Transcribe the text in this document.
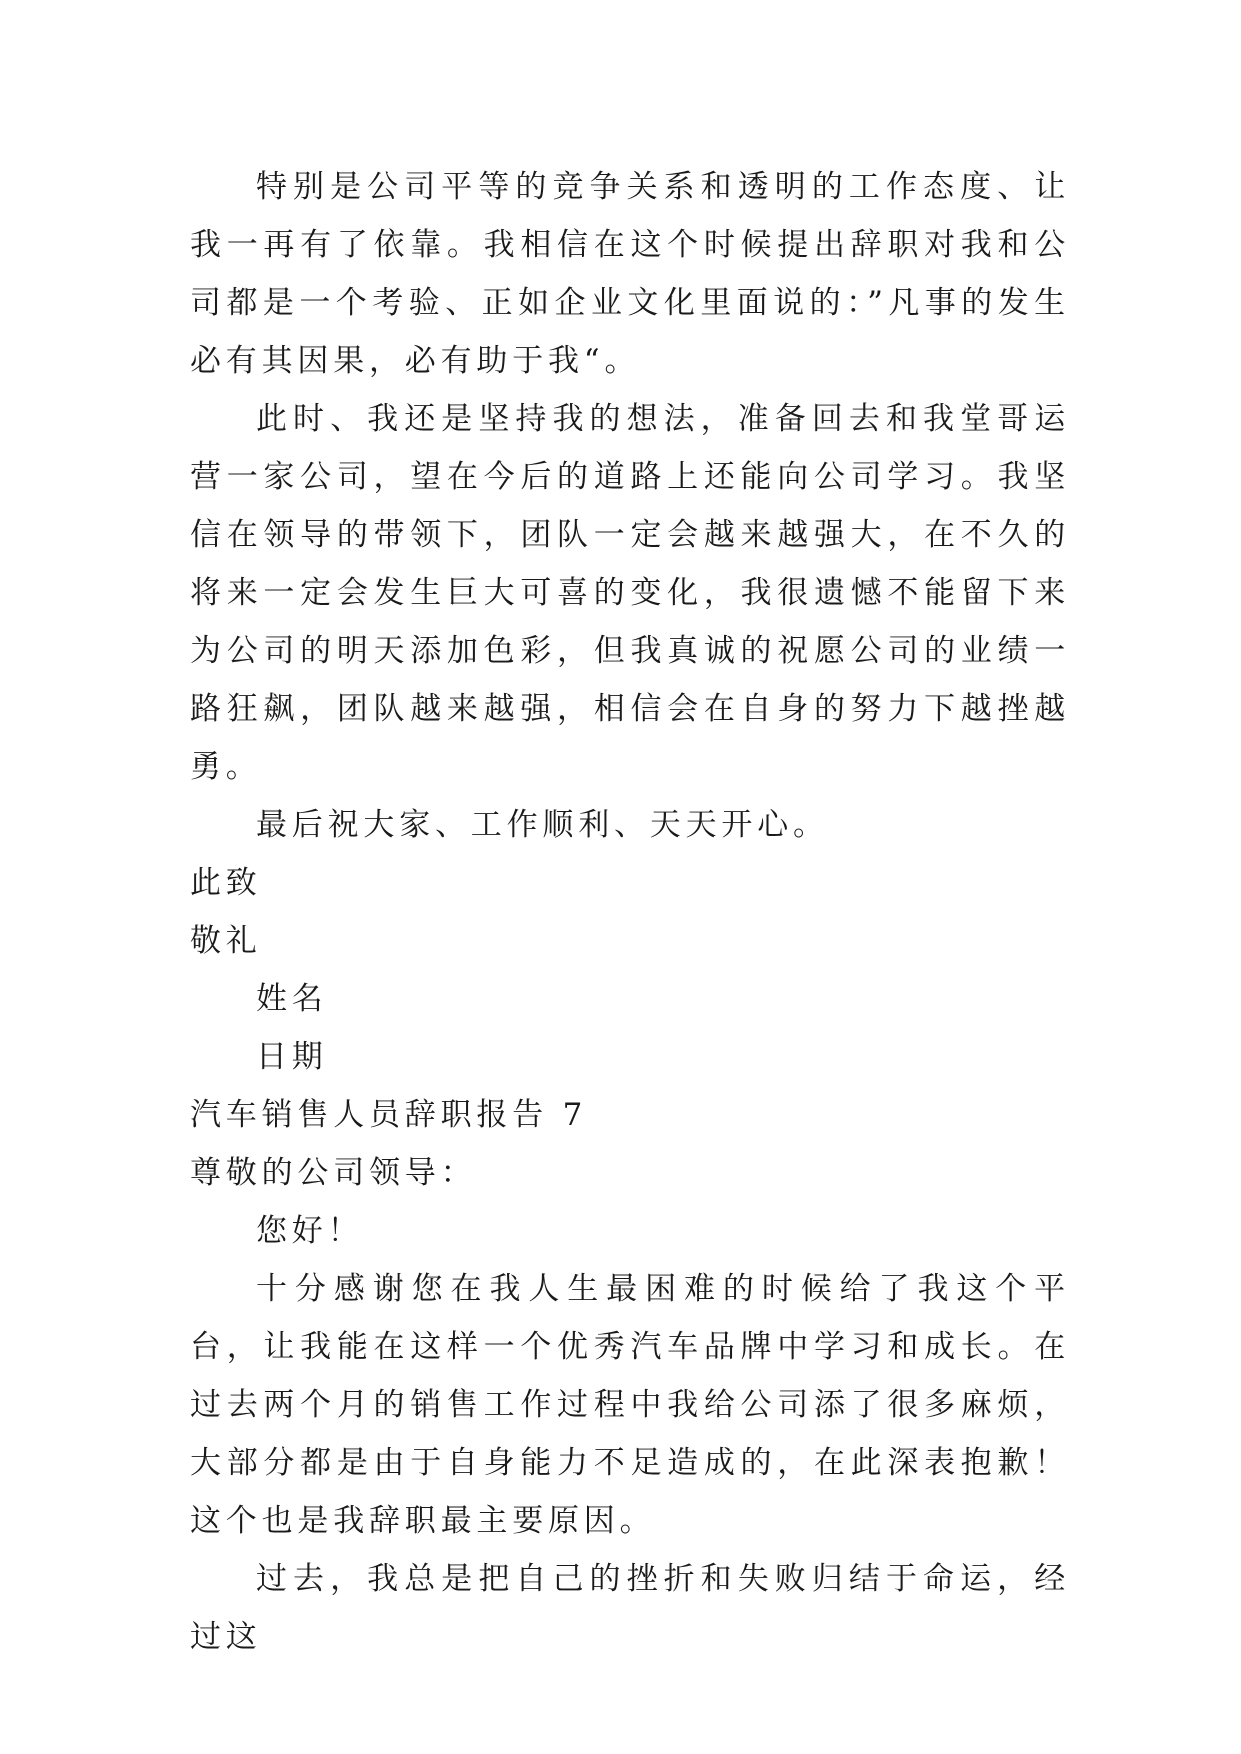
特别是公司平等的竞争关系和透明的工作态度、让我一再有了依靠。我相信在这个时候提出辞职对我和公司都是一个考验、正如企业文化里面说的：”凡事的发生必有其因果，必有助于我“。

此时、我还是坚持我的想法，准备回去和我堂哥运营一家公司，望在今后的道路上还能向公司学习。我坚信在领导的带领下，团队一定会越来越强大，在不久的将来一定会发生巨大可喜的变化，我很遗憾不能留下来为公司的明天添加色彩，但我真诚的祝愿公司的业绩一路狂飙，团队越来越强，相信会在自身的努力下越挫越勇。

最后祝大家、工作顺利、天天开心。

此致

敬礼

姓名

日期

汽车销售人员辞职报告 7

尊敬的公司领导：

您好！

十分感谢您在我人生最困难的时候给了我这个平台，让我能在这样一个优秀汽车品牌中学习和成长。在过去两个月的销售工作过程中我给公司添了很多麻烦，大部分都是由于自身能力不足造成的，在此深表抱歉！这个也是我辞职最主要原因。

过去，我总是把自己的挫折和失败归结于命运，经过这
